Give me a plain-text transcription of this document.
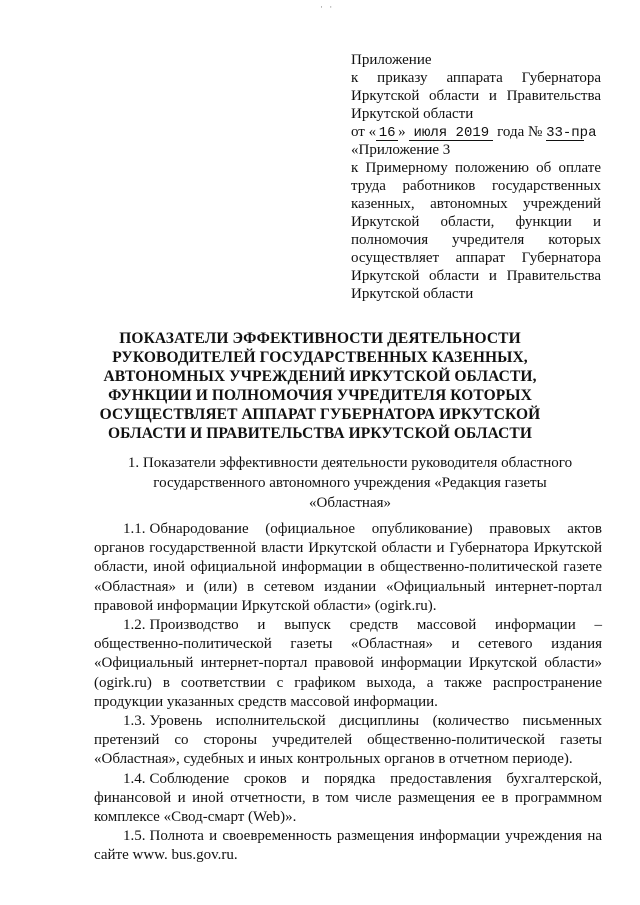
· ·
Приложение
к приказу аппарата Губернатора
Иркутской области и Правительства
Иркутской области
от « 16 » июля 2019 года № 33-пра
«Приложение 3
к Примерному положению об оплате
труда работников государственных
казенных, автономных учреждений
Иркутской области, функции и
полномочия учредителя которых
осуществляет аппарат Губернатора
Иркутской области и Правительства
Иркутской области
ПОКАЗАТЕЛИ ЭФФЕКТИВНОСТИ ДЕЯТЕЛЬНОСТИ
РУКОВОДИТЕЛЕЙ ГОСУДАРСТВЕННЫХ КАЗЕННЫХ,
АВТОНОМНЫХ УЧРЕЖДЕНИЙ ИРКУТСКОЙ ОБЛАСТИ,
ФУНКЦИИ И ПОЛНОМОЧИЯ УЧРЕДИТЕЛЯ КОТОРЫХ
ОСУЩЕСТВЛЯЕТ АППАРАТ ГУБЕРНАТОРА ИРКУТСКОЙ
ОБЛАСТИ И ПРАВИТЕЛЬСТВА ИРКУТСКОЙ ОБЛАСТИ
1. Показатели эффективности деятельности руководителя областного
государственного автономного учреждения «Редакция газеты
«Областная»

1.1. Обнародование (официальное опубликование) правовых актов органов государственной власти Иркутской области и Губернатора Иркутской области, иной официальной информации в общественно-политической газете «Областная» и (или) в сетевом издании «Официальный интернет-портал правовой информации Иркутской области» (ogirk.ru).

1.2. Производство и выпуск средств массовой информации – общественно-политической газеты «Областная» и сетевого издания «Официальный интернет-портал правовой информации Иркутской области» (ogirk.ru) в соответствии с графиком выхода, а также распространение продукции указанных средств массовой информации.

1.3. Уровень исполнительской дисциплины (количество письменных претензий со стороны учредителей общественно-политической газеты «Областная», судебных и иных контрольных органов в отчетном периоде).

1.4. Соблюдение сроков и порядка предоставления бухгалтерской, финансовой и иной отчетности, в том числе размещения ее в программном комплексе «Свод-смарт (Web)».

1.5. Полнота и своевременность размещения информации учреждения на сайте www. bus.gov.ru.
